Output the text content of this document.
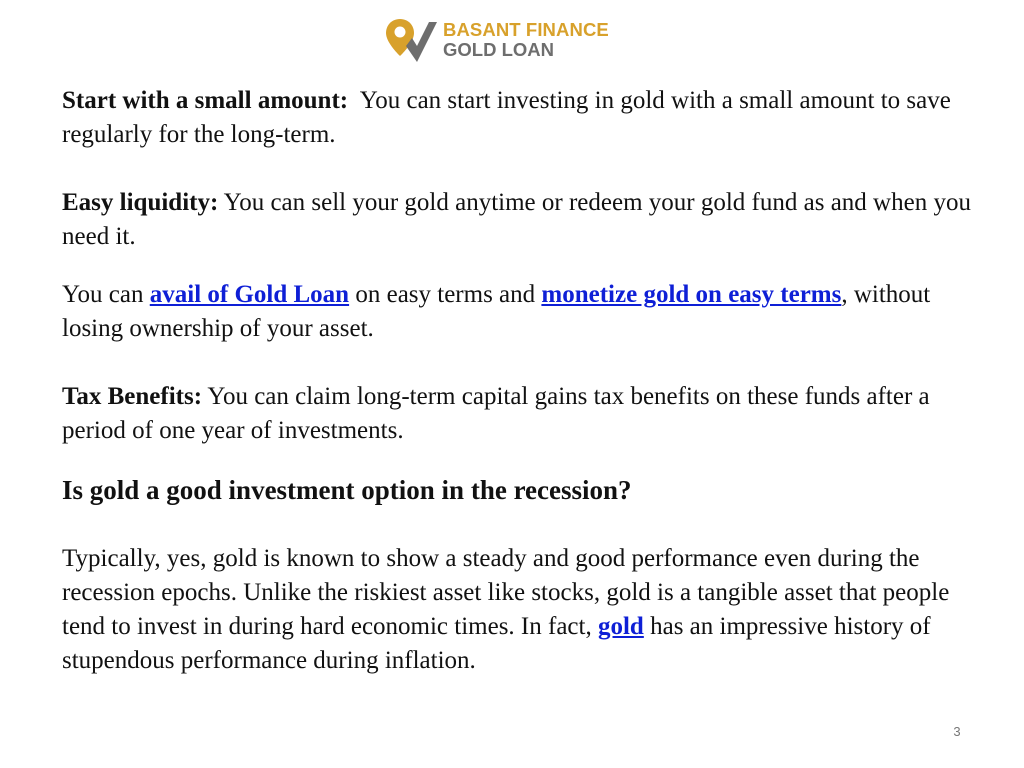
BASANT FINANCE
GOLD LOAN

Start with a small amount: You can start investing in gold with a small amount to save regularly for the long-term.

Easy liquidity: You can sell your gold anytime or redeem your gold fund as and when you need it.

You can avail of Gold Loan on easy terms and monetize gold on easy terms, without losing ownership of your asset.

Tax Benefits: You can claim long-term capital gains tax benefits on these funds after a period of one year of investments.

Is gold a good investment option in the recession?

Typically, yes, gold is known to show a steady and good performance even during the recession epochs. Unlike the riskiest asset like stocks, gold is a tangible asset that people tend to invest in during hard economic times. In fact, gold has an impressive history of stupendous performance during inflation.

3
